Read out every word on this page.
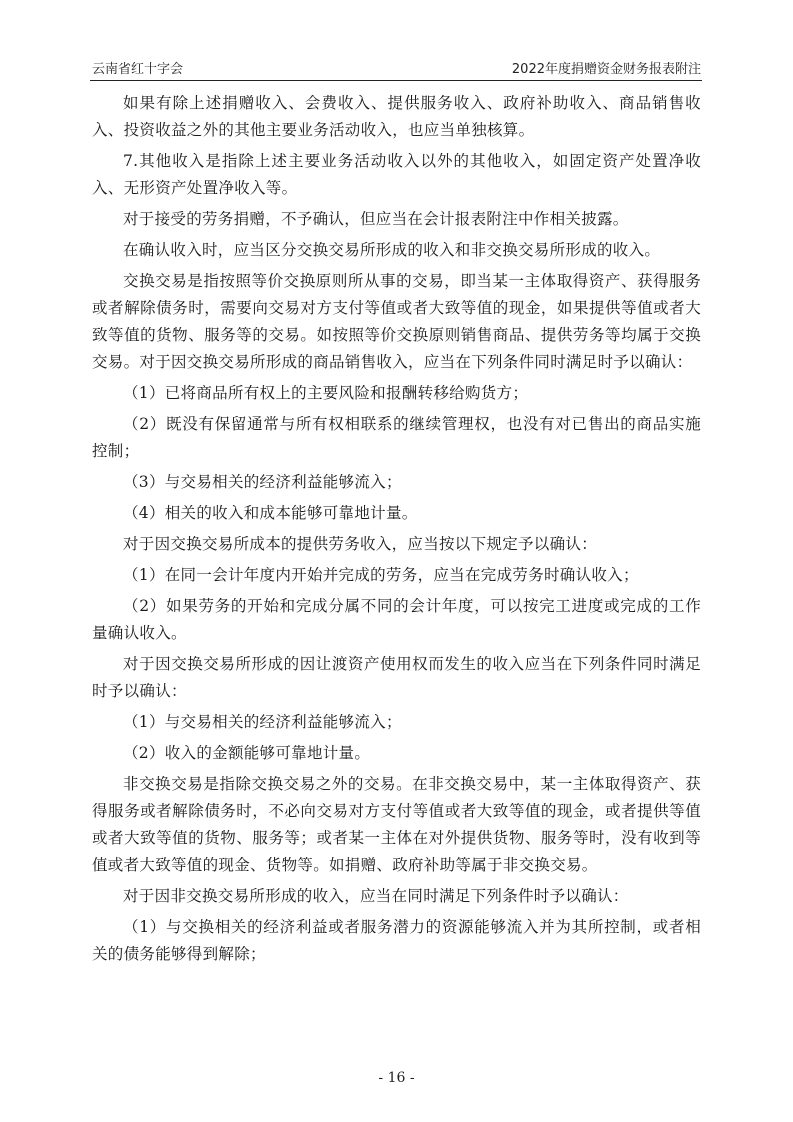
云南省红十字会	2022年度捐赠资金财务报表附注

如果有除上述捐赠收入、会费收入、提供服务收入、政府补助收入、商品销售收入、投资收益之外的其他主要业务活动收入，也应当单独核算。

7.其他收入是指除上述主要业务活动收入以外的其他收入，如固定资产处置净收入、无形资产处置净收入等。

对于接受的劳务捐赠，不予确认，但应当在会计报表附注中作相关披露。

在确认收入时，应当区分交换交易所形成的收入和非交换交易所形成的收入。

交换交易是指按照等价交换原则所从事的交易，即当某一主体取得资产、获得服务或者解除债务时，需要向交易对方支付等值或者大致等值的现金，如果提供等值或者大致等值的货物、服务等的交易。如按照等价交换原则销售商品、提供劳务等均属于交换交易。对于因交换交易所形成的商品销售收入，应当在下列条件同时满足时予以确认：

（1）已将商品所有权上的主要风险和报酬转移给购货方；

（2）既没有保留通常与所有权相联系的继续管理权，也没有对已售出的商品实施控制；

（3）与交易相关的经济利益能够流入；

（4）相关的收入和成本能够可靠地计量。

对于因交换交易所成本的提供劳务收入，应当按以下规定予以确认：

（1）在同一会计年度内开始并完成的劳务，应当在完成劳务时确认收入；

（2）如果劳务的开始和完成分属不同的会计年度，可以按完工进度或完成的工作量确认收入。

对于因交换交易所形成的因让渡资产使用权而发生的收入应当在下列条件同时满足时予以确认：

（1）与交易相关的经济利益能够流入；

（2）收入的金额能够可靠地计量。

非交换交易是指除交换交易之外的交易。在非交换交易中，某一主体取得资产、获得服务或者解除债务时，不必向交易对方支付等值或者大致等值的现金，或者提供等值或者大致等值的货物、服务等；或者某一主体在对外提供货物、服务等时，没有收到等值或者大致等值的现金、货物等。如捐赠、政府补助等属于非交换交易。

对于因非交换交易所形成的收入，应当在同时满足下列条件时予以确认：

（1）与交换相关的经济利益或者服务潜力的资源能够流入并为其所控制，或者相关的债务能够得到解除；

- 16 -
